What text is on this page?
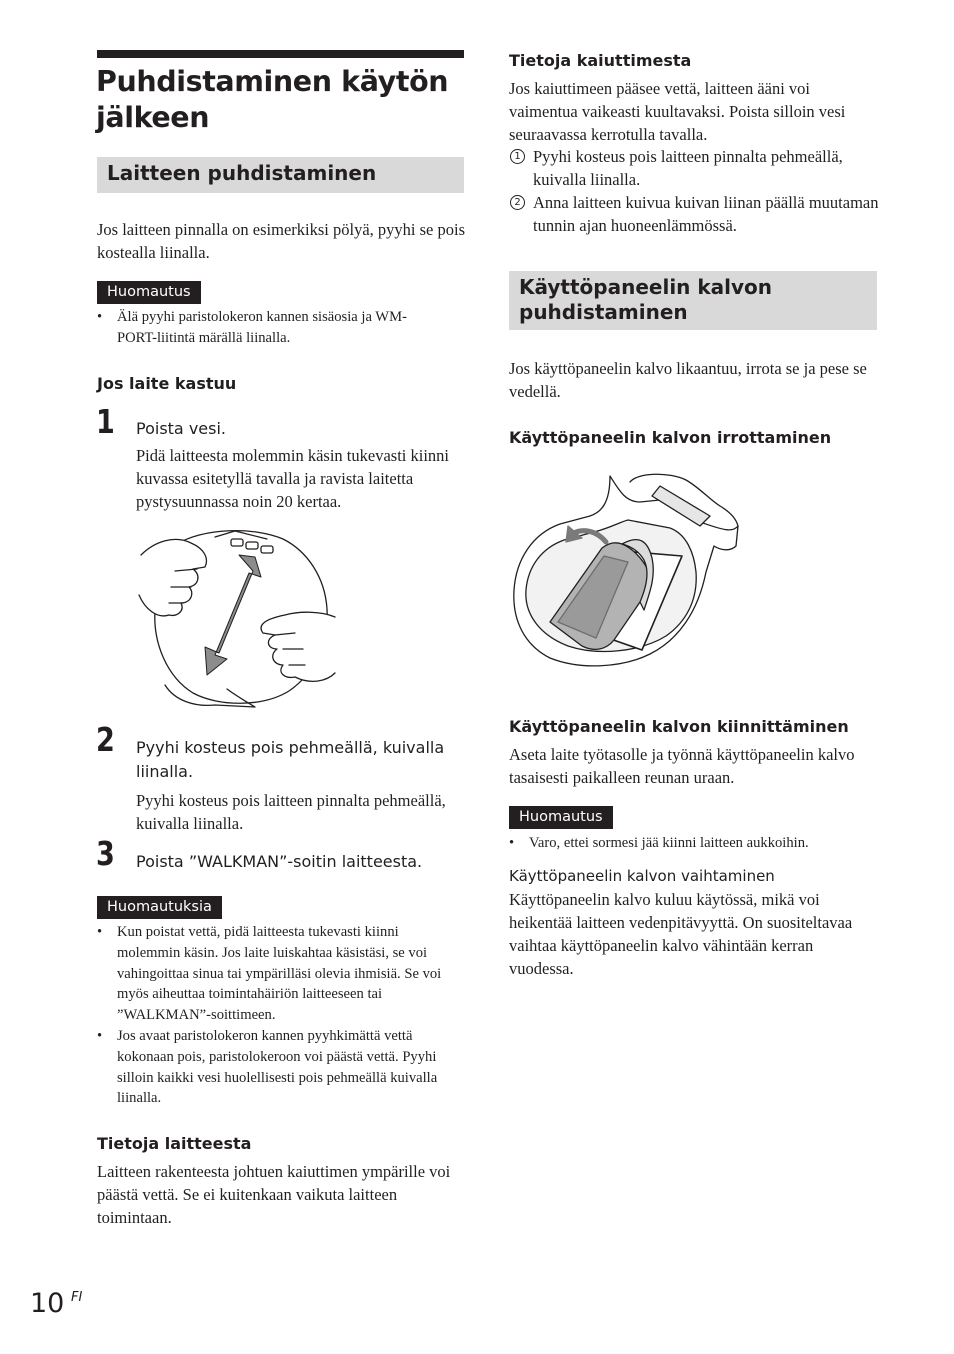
Puhdistaminen käytön jälkeen
Laitteen puhdistaminen
Jos laitteen pinnalla on esimerkiksi pölyä, pyyhi se pois kostealla liinalla.
Huomautus
• Älä pyyhi paristolokeron kannen sisäosia ja WM-PORT-liitintä märällä liinalla.
Jos laite kastuu
1 Poista vesi.
Pidä laitteesta molemmin käsin tukevasti kiinni kuvassa esitetyllä tavalla ja ravista laitetta pystysuunnassa noin 20 kertaa.
2 Pyyhi kosteus pois pehmeällä, kuivalla liinalla.
Pyyhi kosteus pois laitteen pinnalta pehmeällä, kuivalla liinalla.
3 Poista ”WALKMAN”-soitin laitteesta.
Huomautuksia
• Kun poistat vettä, pidä laitteesta tukevasti kiinni molemmin käsin. Jos laite luiskahtaa käsistäsi, se voi vahingoittaa sinua tai ympärilläsi olevia ihmisiä. Se voi myös aiheuttaa toimintahäiriön laitteeseen tai ”WALKMAN”-soittimeen.
• Jos avaat paristolokeron kannen pyyhkimättä vettä kokonaan pois, paristolokeroon voi päästä vettä. Pyyhi silloin kaikki vesi huolellisesti pois pehmeällä kuivalla liinalla.
Tietoja laitteesta
Laitteen rakenteesta johtuen kaiuttimen ympärille voi päästä vettä. Se ei kuitenkaan vaikuta laitteen toimintaan.
Tietoja kaiuttimesta
Jos kaiuttimeen pääsee vettä, laitteen ääni voi vaimentua vaikeasti kuultavaksi. Poista silloin vesi seuraavassa kerrotulla tavalla.
1 Pyyhi kosteus pois laitteen pinnalta pehmeällä, kuivalla liinalla.
2 Anna laitteen kuivua kuivan liinan päällä muutaman tunnin ajan huoneenlämmössä.
Käyttöpaneelin kalvon puhdistaminen
Jos käyttöpaneelin kalvo likaantuu, irrota se ja pese se vedellä.
Käyttöpaneelin kalvon irrottaminen
Käyttöpaneelin kalvon kiinnittäminen
Aseta laite työtasolle ja työnnä käyttöpaneelin kalvo tasaisesti paikalleen reunan uraan.
Huomautus
• Varo, ettei sormesi jää kiinni laitteen aukkoihin.
Käyttöpaneelin kalvon vaihtaminen
Käyttöpaneelin kalvo kuluu käytössä, mikä voi heikentää laitteen vedenpitävyyttä. On suositeltavaa vaihtaa käyttöpaneelin kalvo vähintään kerran vuodessa.
10 FI
